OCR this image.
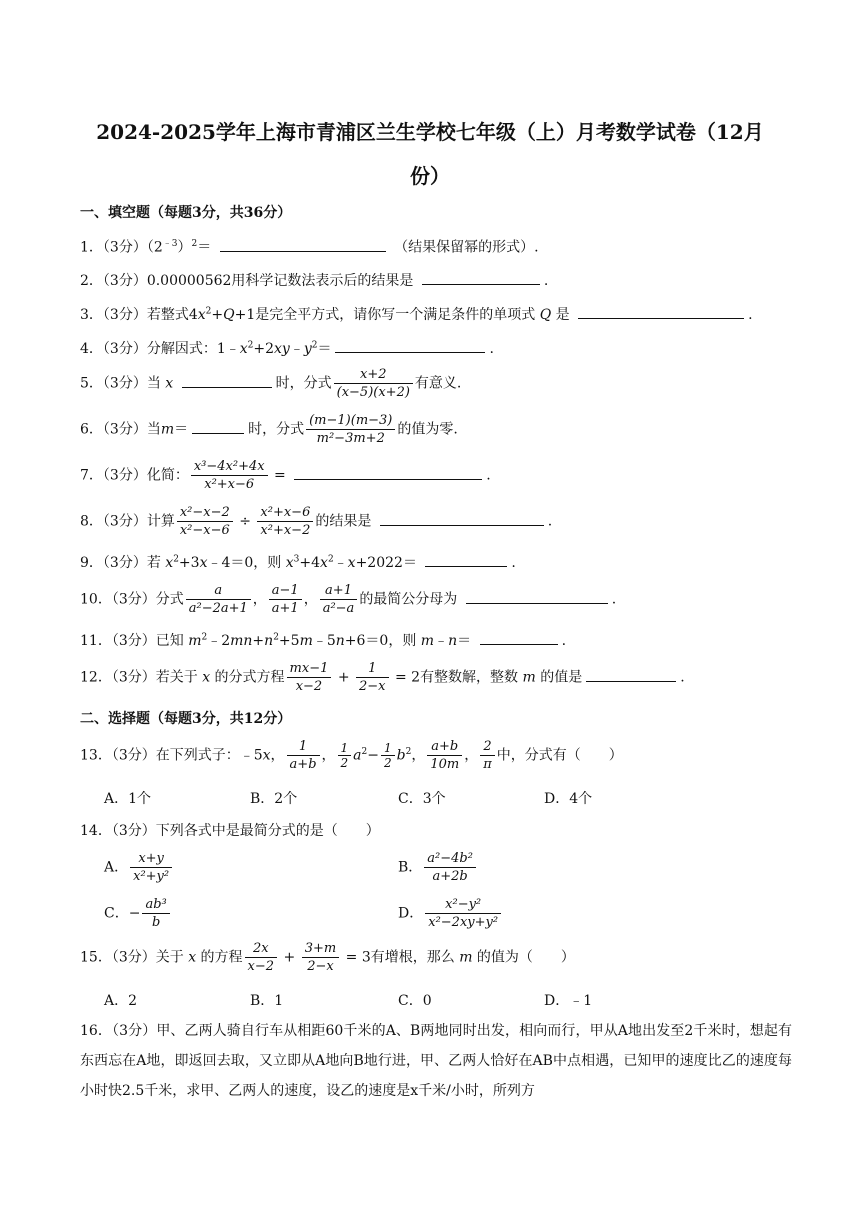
2024-2025学年上海市青浦区兰生学校七年级（上）月考数学试卷（12月
份）
一、填空题（每题3分，共36分）
1．（3分）$(2^{﹣3})^2=$	（结果保留幂的形式）.
2．（3分）0.00000562用科学记数法表示后的结果是	.
3．（3分）若整式$4x^2+Q+1$是完全平方式，请你写一个满足条件的单项式 Q 是	.
4．（3分）分解因式：$1﹣x^2+2xy﹣y^2=$	.
5．（3分）当 x	时，分式 $\frac{x+2}{(x-5)(x+2)}$ 有意义.
6．（3分）当m＝	时，分式 $\frac{(m-1)(m-3)}{\text{m²−3m+2}}$ 的值为零.
7．（3分）化简： $\frac{\text{x³−4x²+4x}}{\text{x²+x−6}}$ =	.
8．（3分）计算 $\frac{\text{x²−x−2}}{\text{x²−x−6}} \div \frac{\text{x²+x−6}}{\text{x²+x−2}}$ 的结果是	.
9．（3分）若 $x^2+3x﹣4=0$，则 $x^3+4x^2﹣x+2022=$	.
10．（3分）分式 $\frac{a}{\text{a²−2a+1}}$ ， $\frac{a-1}{a+1}$ ， $\frac{a+1}{\text{a²−a}}$ 的最简公分母为	.
11．（3分）已知 $m^2﹣2mn+n^2+5m﹣5n+6=0$，则 m﹣n＝	.
12．（3分）若关于 x 的分式方程 $\frac{mx-1}{x-2} + \frac{1}{2-x} = 2$有整数解，整数 m 的值是	.
二、选择题（每题3分，共12分）
13．（3分）在下列式子：﹣5x， $\frac{1}{a+b}$ ， $\frac{1}{2} a^2- \frac{1}{2} b^2$， $\frac{a+b}{10m}$ ， $\frac{2}{\pi}$ 中，分式有（　　）
A．1个	B．2个	C．3个	D．4个
14．（3分）下列各式中是最简分式的是（　　）
A． $\frac{x+y}{\text{x²+y²}}$	B． $\frac{\text{a²−4b²}}{a+2b}$
C．− $\frac{\text{ab³}}{b}$	D． $\frac{\text{x²−y²}}{\text{x²−2xy+y²}}$
15．（3分）关于 x 的方程 $\frac{2x}{x-2} + \frac{3+m}{2-x} = 3$有增根，那么 m 的值为（　　）
A．2	B．1	C．0	D．﹣1
16．（3分）甲、乙两人骑自行车从相距60千米的A、B两地同时出发，相向而行，甲从A地出发至2千米时，想起有东西忘在A地，即返回去取，又立即从A地向B地行进，甲、乙两人恰好在AB中点相遇，已知甲的速度比乙的速度每小时快2.5千米，求甲、乙两人的速度，设乙的速度是x千米/小时，所列方
